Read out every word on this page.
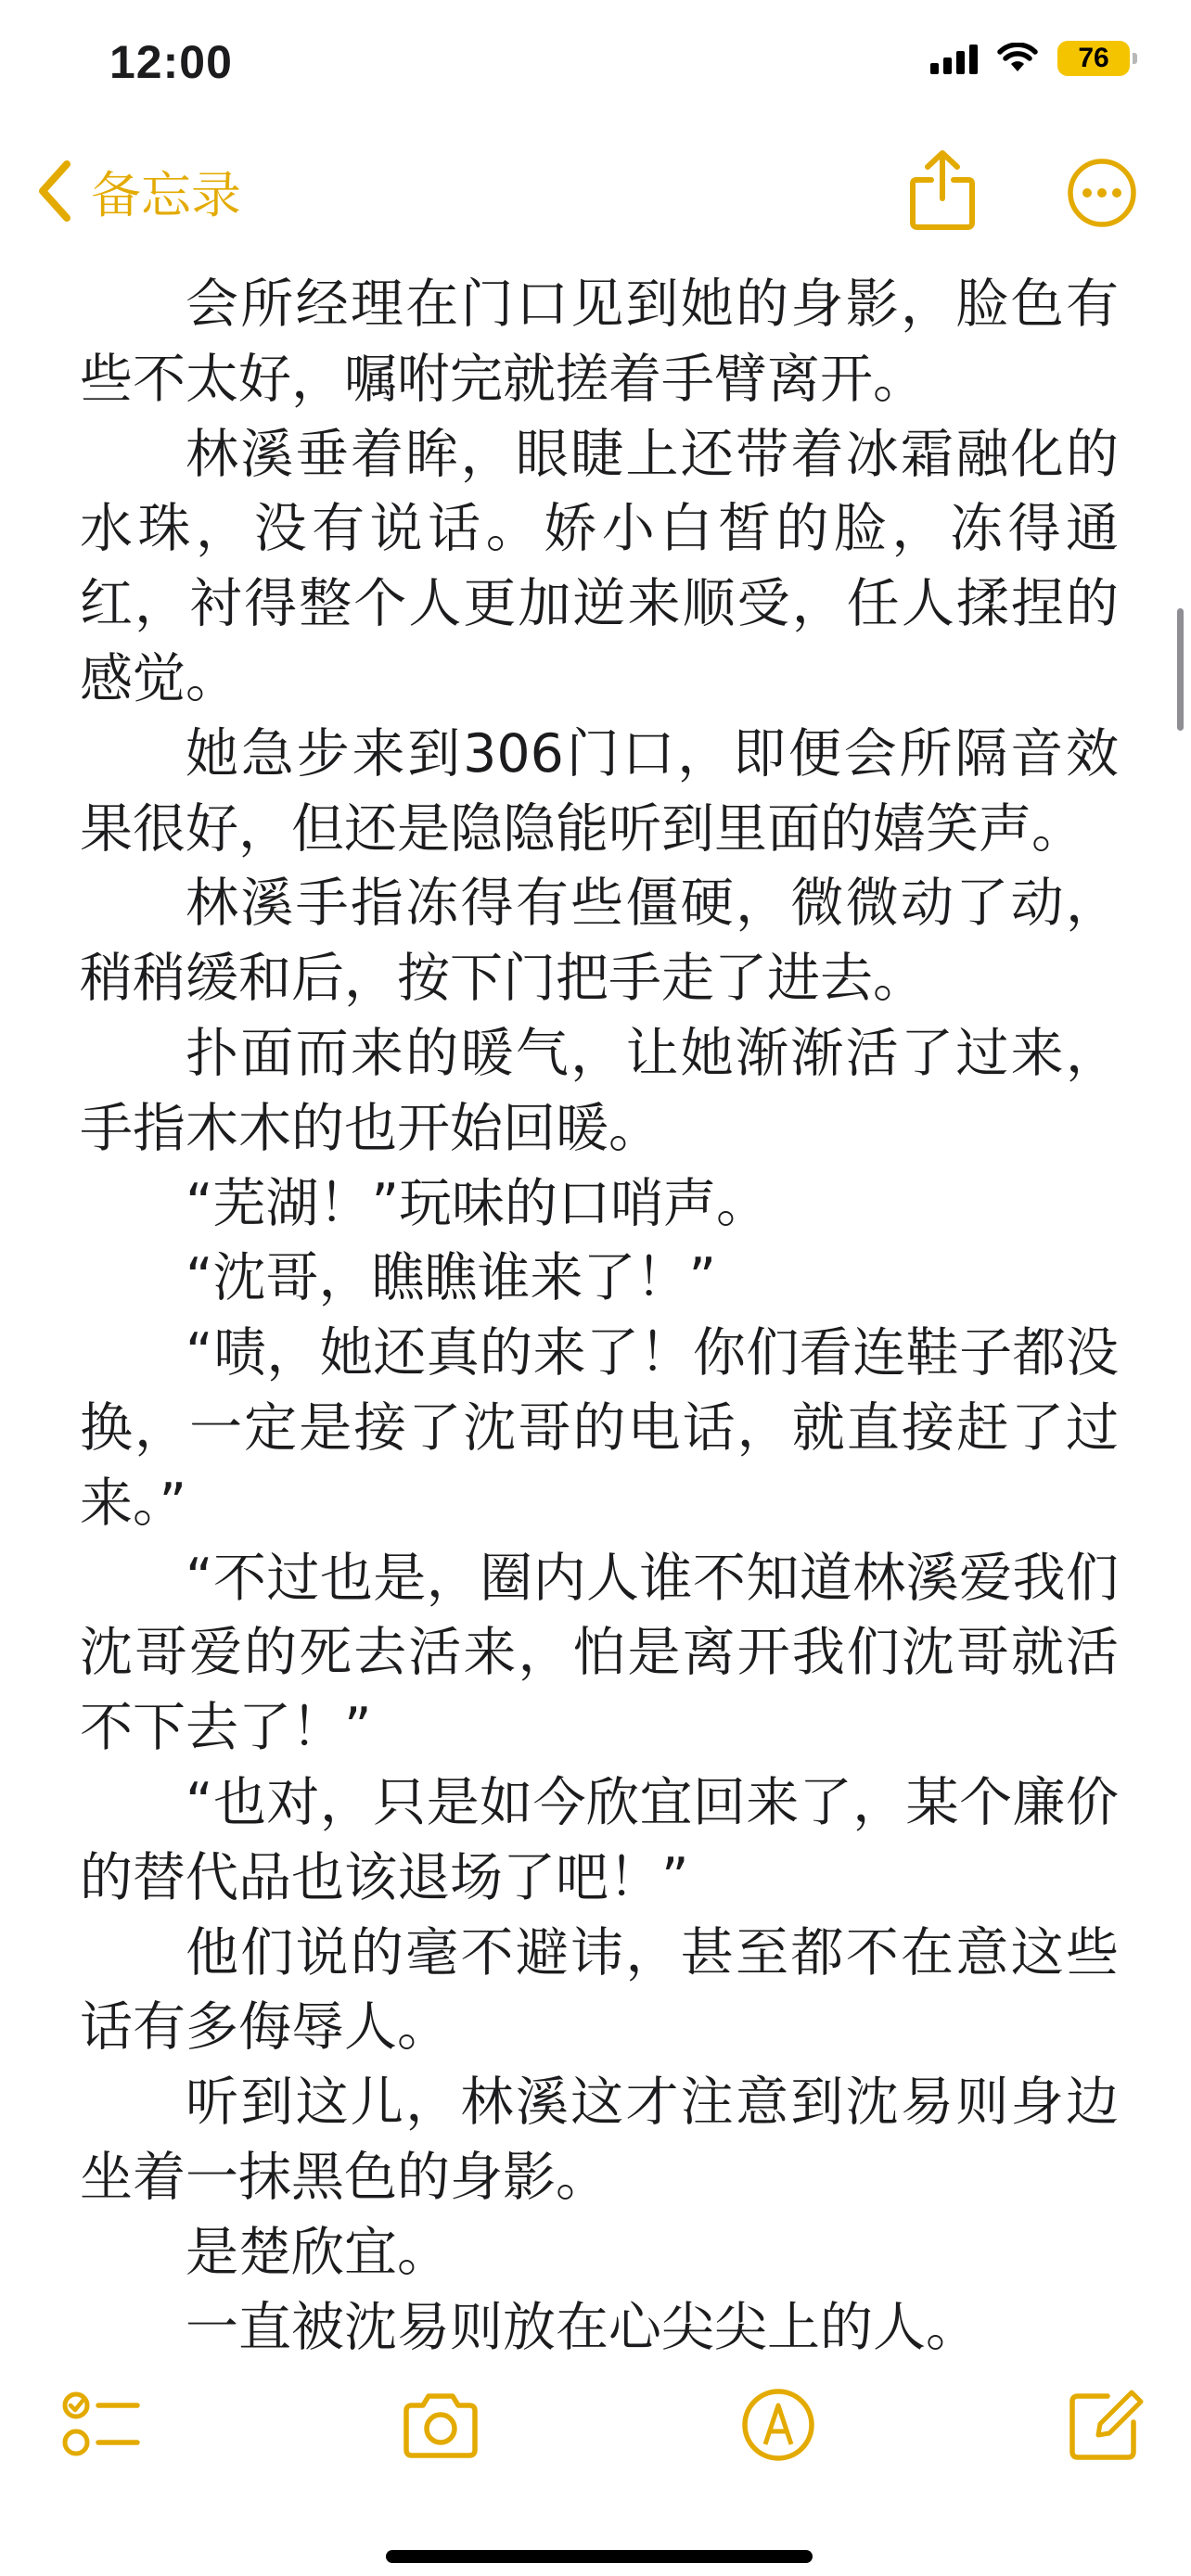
12:00	76
备忘录

会所经理在门口见到她的身影，脸色有些不太好，嘱咐完就搓着手臂离开。

林溪垂着眸，眼睫上还带着冰霜融化的水珠，没有说话。娇小白皙的脸，冻得通红，衬得整个人更加逆来顺受，任人揉捏的感觉。

她急步来到306门口，即便会所隔音效果很好，但还是隐隐能听到里面的嬉笑声。

林溪手指冻得有些僵硬，微微动了动，稍稍缓和后，按下门把手走了进去。

扑面而来的暖气，让她渐渐活了过来，手指木木的也开始回暖。

“芜湖！”玩味的口哨声。

“沈哥，瞧瞧谁来了！”

“啧，她还真的来了！你们看连鞋子都没换，一定是接了沈哥的电话，就直接赶了过来。”

“不过也是，圈内人谁不知道林溪爱我们沈哥爱的死去活来，怕是离开我们沈哥就活不下去了！”

“也对，只是如今欣宜回来了，某个廉价的替代品也该退场了吧！”

他们说的毫不避讳，甚至都不在意这些话有多侮辱人。

听到这儿，林溪这才注意到沈易则身边坐着一抹黑色的身影。

是楚欣宜。

一直被沈易则放在心尖尖上的人。
